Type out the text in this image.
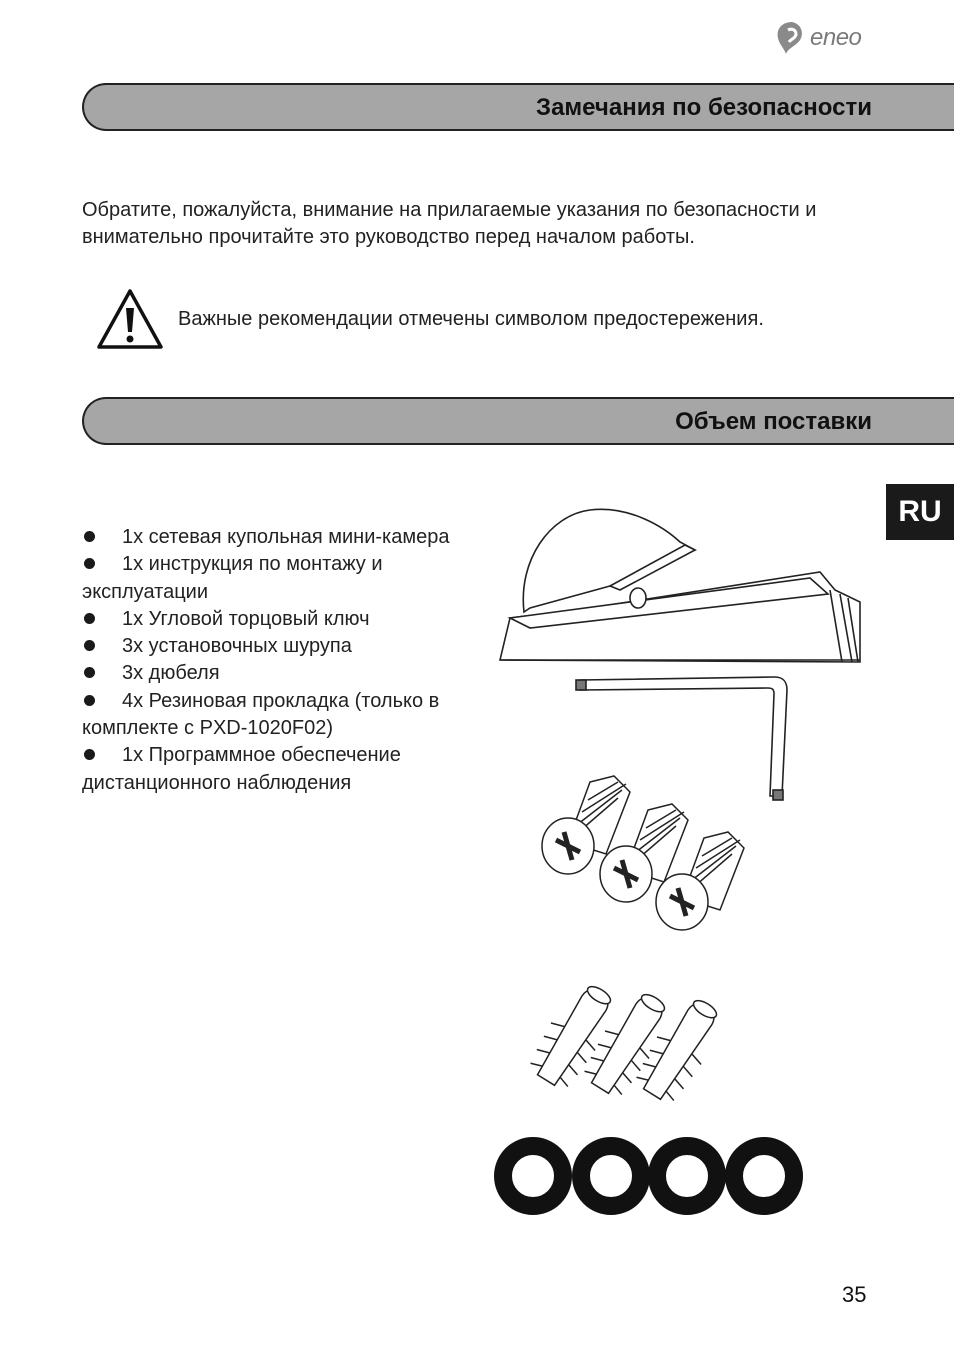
eneo
Замечания по безопасности
Обратите, пожалуйста, внимание на прилагаемые указания по безопасности и внимательно прочитайте это руководство перед началом работы.
Важные рекомендации отмечены символом предостережения.
Объем поставки
1x сетевая купольная мини-камера
1x инструкция по монтажу и эксплуатации
1x Угловой торцовый ключ
3x установочных шурупа
3x дюбеля
4x Резиновая прокладка (только в комплекте с PXD-1020F02)
1x Программное обеспечение дистанционного наблюдения
RU
35
